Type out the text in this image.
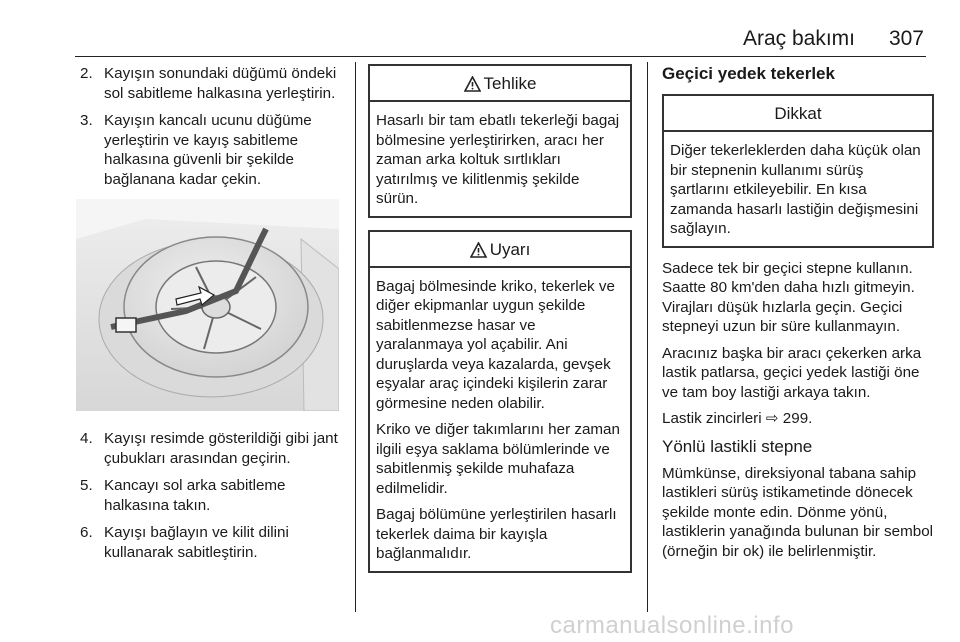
Araç bakımı 307
2. Kayışın sonundaki düğümü öndeki sol sabitleme halkasına yerleştirin.
3. Kayışın kancalı ucunu düğüme yerleştirin ve kayış sabitleme halkasına güvenli bir şekilde bağlanana kadar çekin.
4. Kayışı resimde gösterildiği gibi jant çubukları arasından geçirin.
5. Kancayı sol arka sabitleme halkasına takın.
6. Kayışı bağlayın ve kilit dilini kullanarak sabitleştirin.
Tehlike

Hasarlı bir tam ebatlı tekerleği bagaj bölmesine yerleştirirken, aracı her zaman arka koltuk sırtlıkları yatırılmış ve kilitlenmiş şekilde sürün.

Uyarı

Bagaj bölmesinde kriko, tekerlek ve diğer ekipmanlar uygun şekilde sabitlenmezse hasar ve yaralanmaya yol açabilir. Ani duruşlarda veya kazalarda, gevşek eşyalar araç içindeki kişilerin zarar görmesine neden olabilir.

Kriko ve diğer takımlarını her zaman ilgili eşya saklama bölümlerinde ve sabitlenmiş şekilde muhafaza edilmelidir.

Bagaj bölümüne yerleştirilen hasarlı tekerlek daima bir kayışla bağlanmalıdır.

Geçici yedek tekerlek
Dikkat

Diğer tekerleklerden daha küçük olan bir stepnenin kullanımı sürüş şartlarını etkileyebilir. En kısa zamanda hasarlı lastiğin değişmesini sağlayın.

Sadece tek bir geçici stepne kullanın. Saatte 80 km'den daha hızlı gitmeyin. Virajları düşük hızlarla geçin. Geçici stepneyi uzun bir süre kullanmayın.

Aracınız başka bir aracı çekerken arka lastik patlarsa, geçici yedek lastiği öne ve tam boy lastiği arkaya takın.

Lastik zincirleri ⇨ 299.

Yönlü lastikli stepne

Mümkünse, direksiyonal tabana sahip lastikleri sürüş istikametinde dönecek şekilde monte edin. Dönme yönü, lastiklerin yanağında bulunan bir sembol (örneğin bir ok) ile belirlenmiştir.

carmanualsonline.info
